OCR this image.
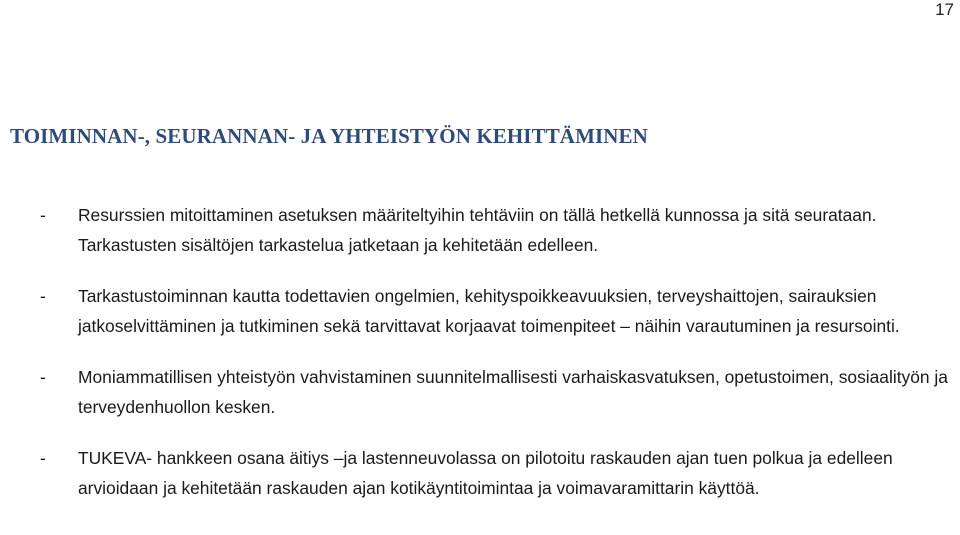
17
TOIMINNAN-, SEURANNAN- JA YHTEISTYÖN KEHITTÄMINEN
- Resurssien mitoittaminen asetuksen määriteltyihin tehtäviin on tällä hetkellä kunnossa ja sitä seurataan. Tarkastusten sisältöjen tarkastelua jatketaan ja kehitetään edelleen.
- Tarkastustoiminnan kautta todettavien ongelmien, kehityspoikkeavuuksien, terveyshaittojen, sairauksien jatkoselvittäminen ja tutkiminen sekä tarvittavat korjaavat toimenpiteet – näihin varautuminen ja resursointi.
- Moniammatillisen yhteistyön vahvistaminen suunnitelmallisesti varhaiskasvatuksen, opetustoimen, sosiaalityön ja terveydenhuollon kesken.
- TUKEVA- hankkeen osana äitiys –ja lastenneuvolassa on pilotoitu raskauden ajan tuen polkua ja edelleen arvioidaan ja kehitetään raskauden ajan kotikäyntitoimintaa ja voimavaramittarin käyttöä.
